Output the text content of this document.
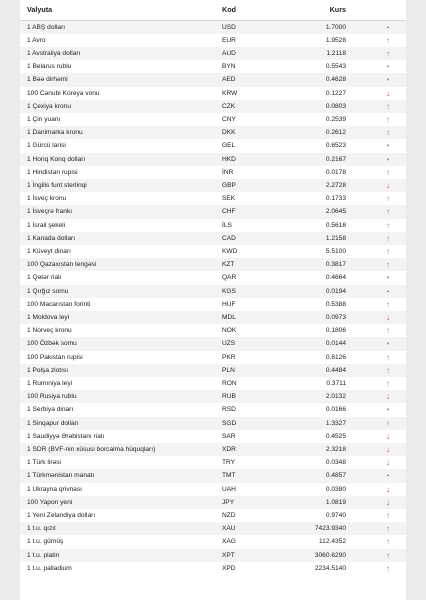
Valyuta	Kod	Kurs	
1 ABŞ dolları	USD	1.7000	•
1 Avro	EUR	1.9528	↑
1 Avstraliya dolları	AUD	1.2118	↑
1 Belarus rublu	BYN	0.5543	•
1 Bəə dirhəmi	AED	0.4628	•
100 Cənubi Koreya vonu	KRW	0.1227	↓
1 Çexiya kronu	CZK	0.0803	↑
1 Çin yuanı	CNY	0.2539	↑
1 Danimarka kronu	DKK	0.2612	↑
1 Gürcü larisi	GEL	0.6523	•
1 Honq Konq dolları	HKD	0.2167	•
1 Hindistan rupisi	İNR	0.0178	↑
1 İngilis funt sterlinqi	GBP	2.2728	↓
1 İsveç kronu	SEK	0.1733	↑
1 İsveçrə frankı	CHF	2.0645	↑
1 İsrail şekeli	İLS	0.5618	↑
1 Kanada dolları	CAD	1.2158	↑
1 Küveyt dinarı	KWD	5.5100	↑
100 Qazaxıstan tengəsi	KZT	0.3817	↑
1 Qətər rialı	QAR	0.4664	•
1 Qırğız somu	KGS	0.0194	•
100 Macarıstan forinti	HUF	0.5388	↑
1 Moldova leyi	MDL	0.0973	↓
1 Norveç kronu	NOK	0.1806	↑
100 Özbək somu	UZS	0.0144	•
100 Pakistan rupisi	PKR	0.6126	↑
1 Polşa zlotısı	PLN	0.4484	↑
1 Rumıniya leyi	RON	0.3711	↑
100 Rusiya rublu	RUB	2.0132	↓
1 Serbiya dinarı	RSD	0.0166	•
1 Sinqapur dolları	SGD	1.3327	↑
1 Saudiyyə Ərəbistanı rialı	SAR	0.4525	↓
1 SDR (BVF-nin xüsusi borcalma hüquqları)	XDR	2.3218	↓
1 Türk lirəsi	TRY	0.0348	↓
1 Türkmənistan manatı	TMT	0.4857	•
1 Ukrayna qrivnası	UAH	0.0380	↓
100 Yapon yeni	JPY	1.0819	↓
1 Yeni Zelandiya dolları	NZD	0.9740	↑
1 t.u. qızıl	XAU	7423.9340	↑
1 t.u. gümüş	XAG	112.4352	↑
1 t.u. platin	XPT	3060.6290	↑
1 t.u. palladium	XPD	2234.5140	↑
